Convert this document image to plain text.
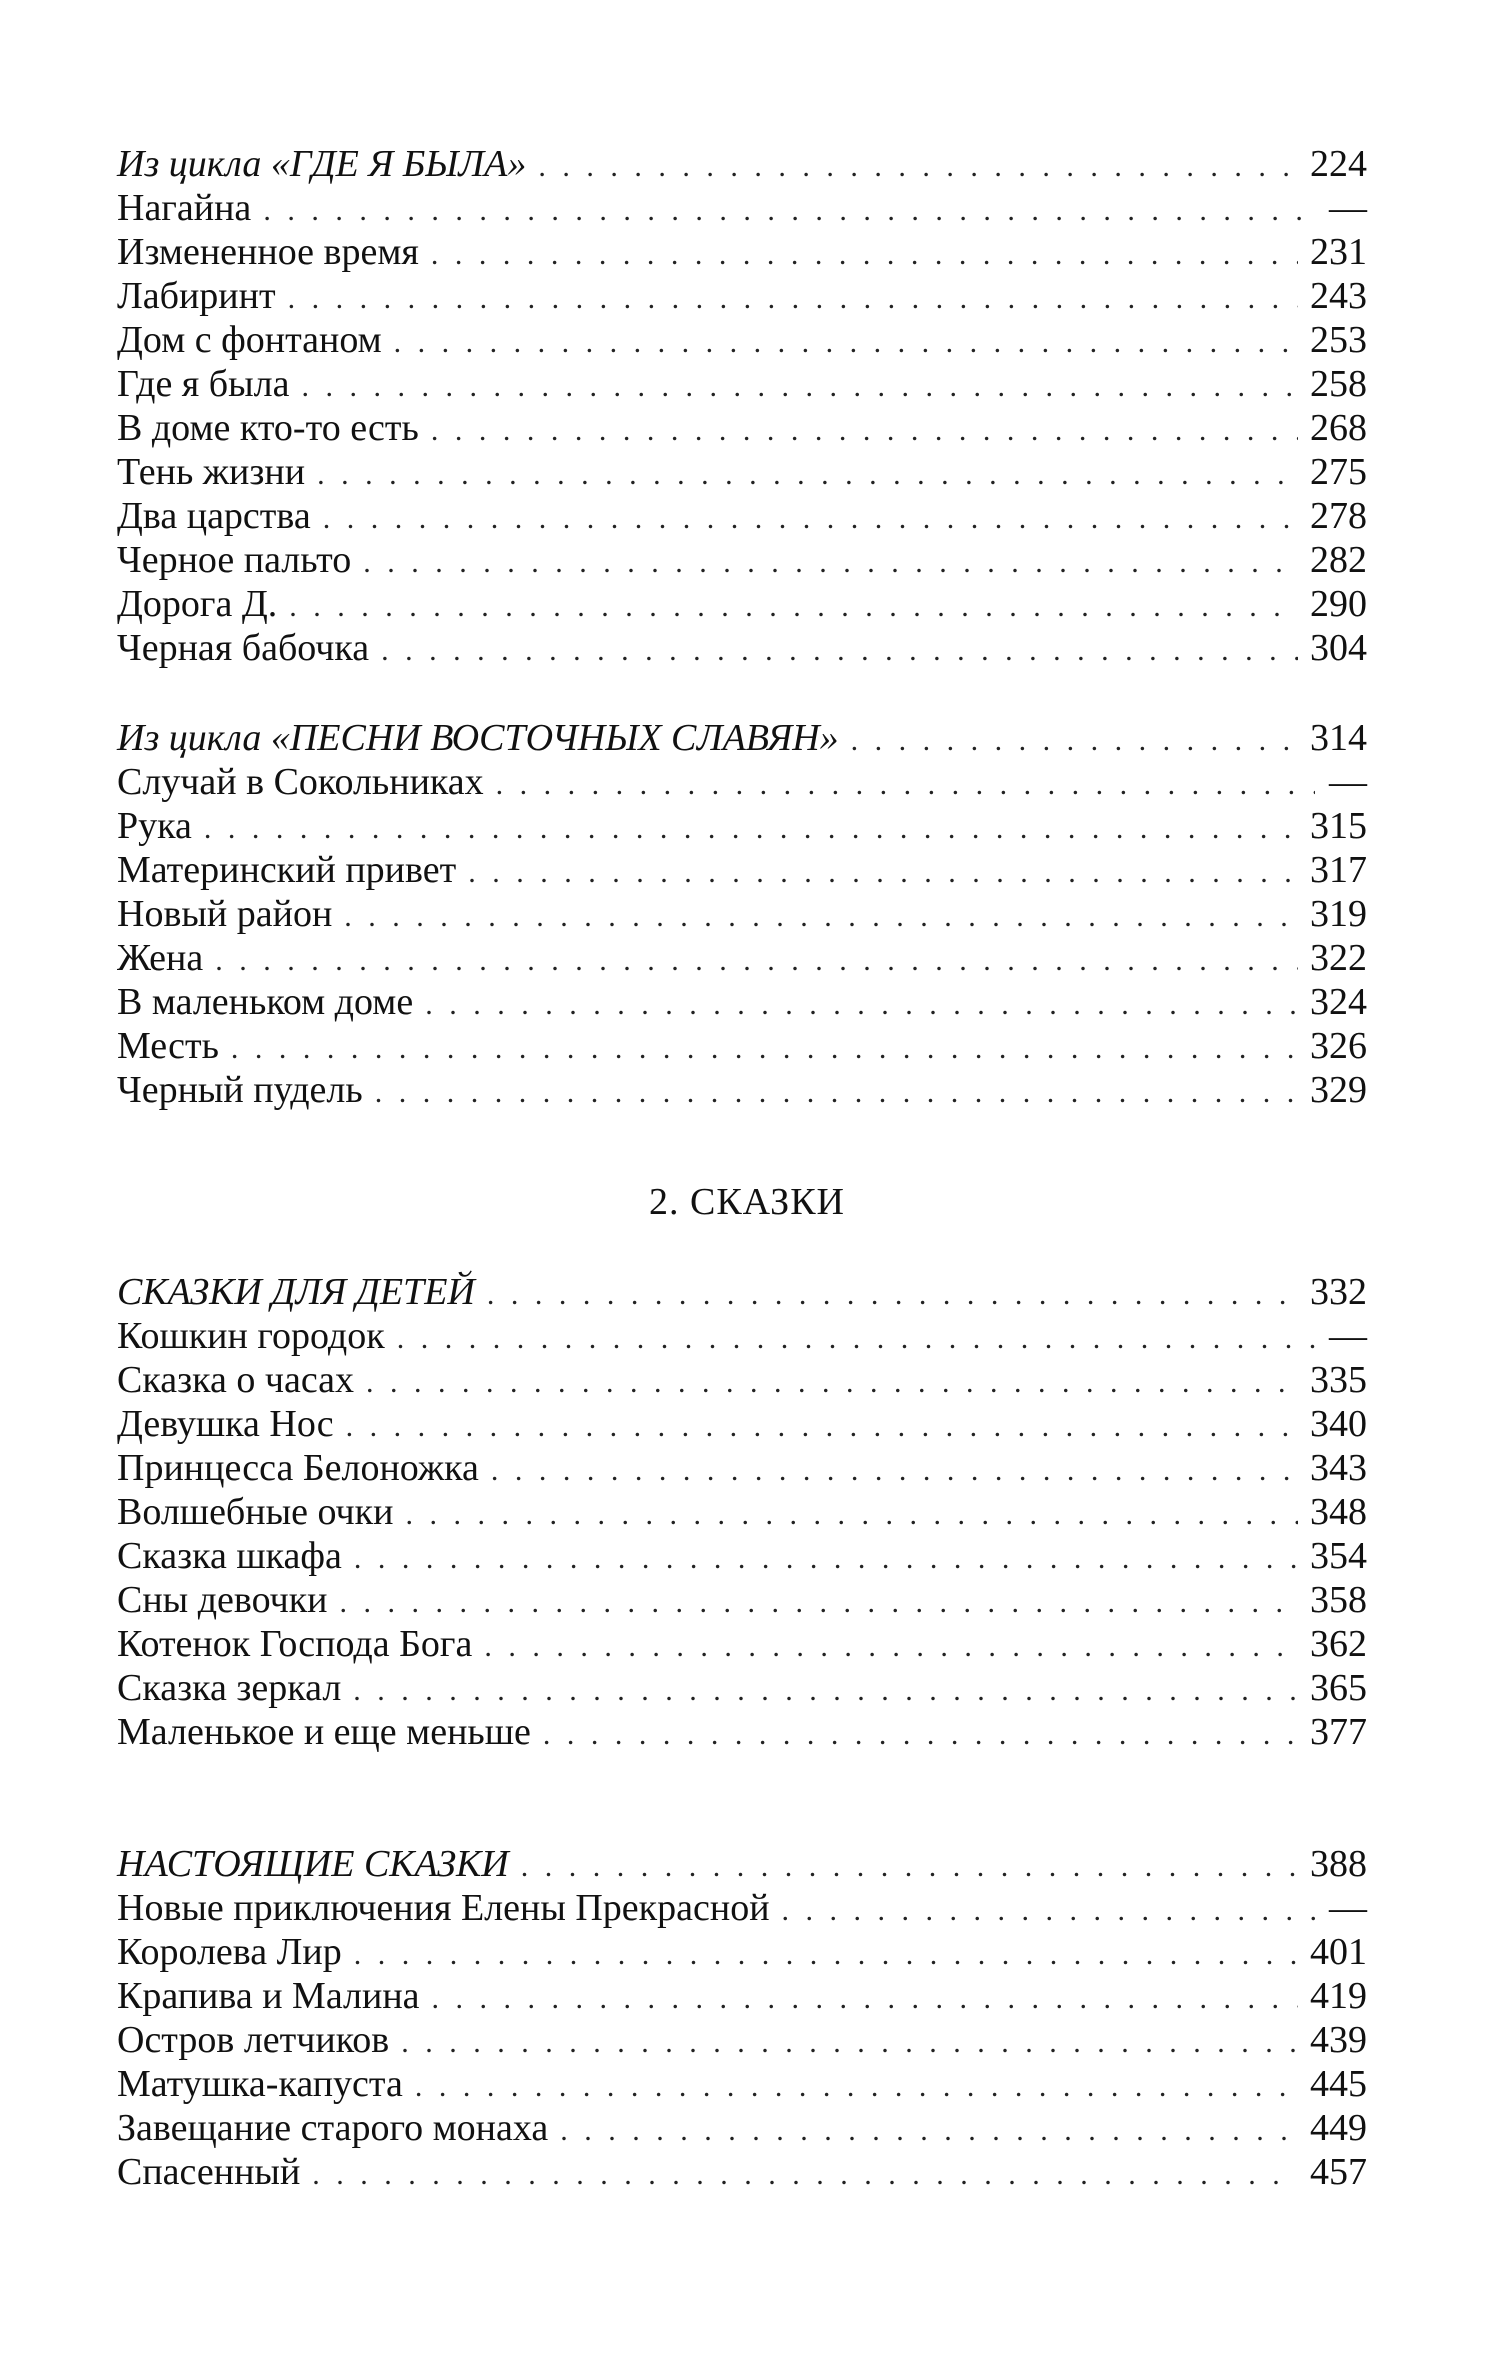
Из цикла «ГДЕ Я БЫЛА» . . .	224
Нагайна . . .	—
Измененное время . . .	231
Лабиринт . . .	243
Дом с фонтаном . . .	253
Где я была . . .	258
В доме кто-то есть . . .	268
Тень жизни . . .	275
Два царства . . .	278
Черное пальто . . .	282
Дорога Д. . . .	290
Черная бабочка . . .	304
Из цикла «ПЕСНИ ВОСТОЧНЫХ СЛАВЯН» . . .	314
Случай в Сокольниках . . .	—
Рука . . .	315
Материнский привет . . .	317
Новый район . . .	319
Жена . . .	322
В маленьком доме . . .	324
Месть . . .	326
Черный пудель . . .	329
2. СКАЗКИ
СКАЗКИ ДЛЯ ДЕТЕЙ . . .	332
Кошкин городок . . .	—
Сказка о часах . . .	335
Девушка Нос . . .	340
Принцесса Белоножка . . .	343
Волшебные очки . . .	348
Сказка шкафа . . .	354
Сны девочки . . .	358
Котенок Господа Бога . . .	362
Сказка зеркал . . .	365
Маленькое и еще меньше . . .	377
НАСТОЯЩИЕ СКАЗКИ . . .	388
Новые приключения Елены Прекрасной . . .	—
Королева Лир . . .	401
Крапива и Малина . . .	419
Остров летчиков . . .	439
Матушка-капуста . . .	445
Завещание старого монаха . . .	449
Спасенный . . .	457
